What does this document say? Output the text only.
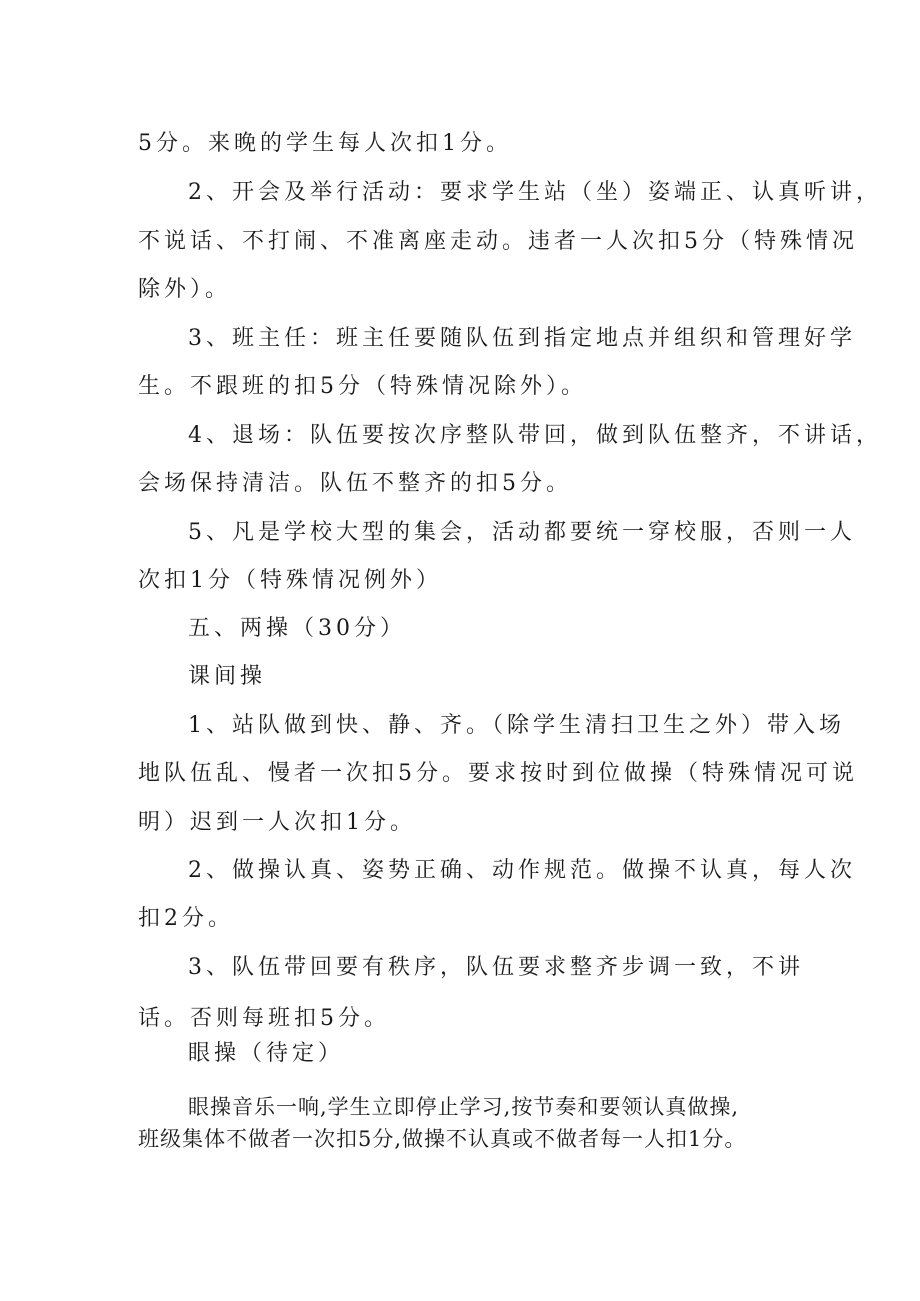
5分。来晚的学生每人次扣1分。
2、开会及举行活动：要求学生站（坐）姿端正、认真听讲，
不说话、不打闹、不准离座走动。违者一人次扣5分（特殊情况
除外）。
3、班主任：班主任要随队伍到指定地点并组织和管理好学
生。不跟班的扣5分（特殊情况除外）。
4、退场：队伍要按次序整队带回，做到队伍整齐，不讲话，
会场保持清洁。队伍不整齐的扣5分。
5、凡是学校大型的集会，活动都要统一穿校服，否则一人
次扣1分（特殊情况例外）
五、两操（30分）
课间操
1、站队做到快、静、齐。（除学生清扫卫生之外）带入场
地队伍乱、慢者一次扣5分。要求按时到位做操（特殊情况可说
明）迟到一人次扣1分。
2、做操认真、姿势正确、动作规范。做操不认真，每人次
扣2分。
3、队伍带回要有秩序，队伍要求整齐步调一致，不讲
话。否则每班扣5分。
眼操（待定）
眼操音乐一响,学生立即停止学习,按节奏和要领认真做操,
班级集体不做者一次扣5分,做操不认真或不做者每一人扣1分。
